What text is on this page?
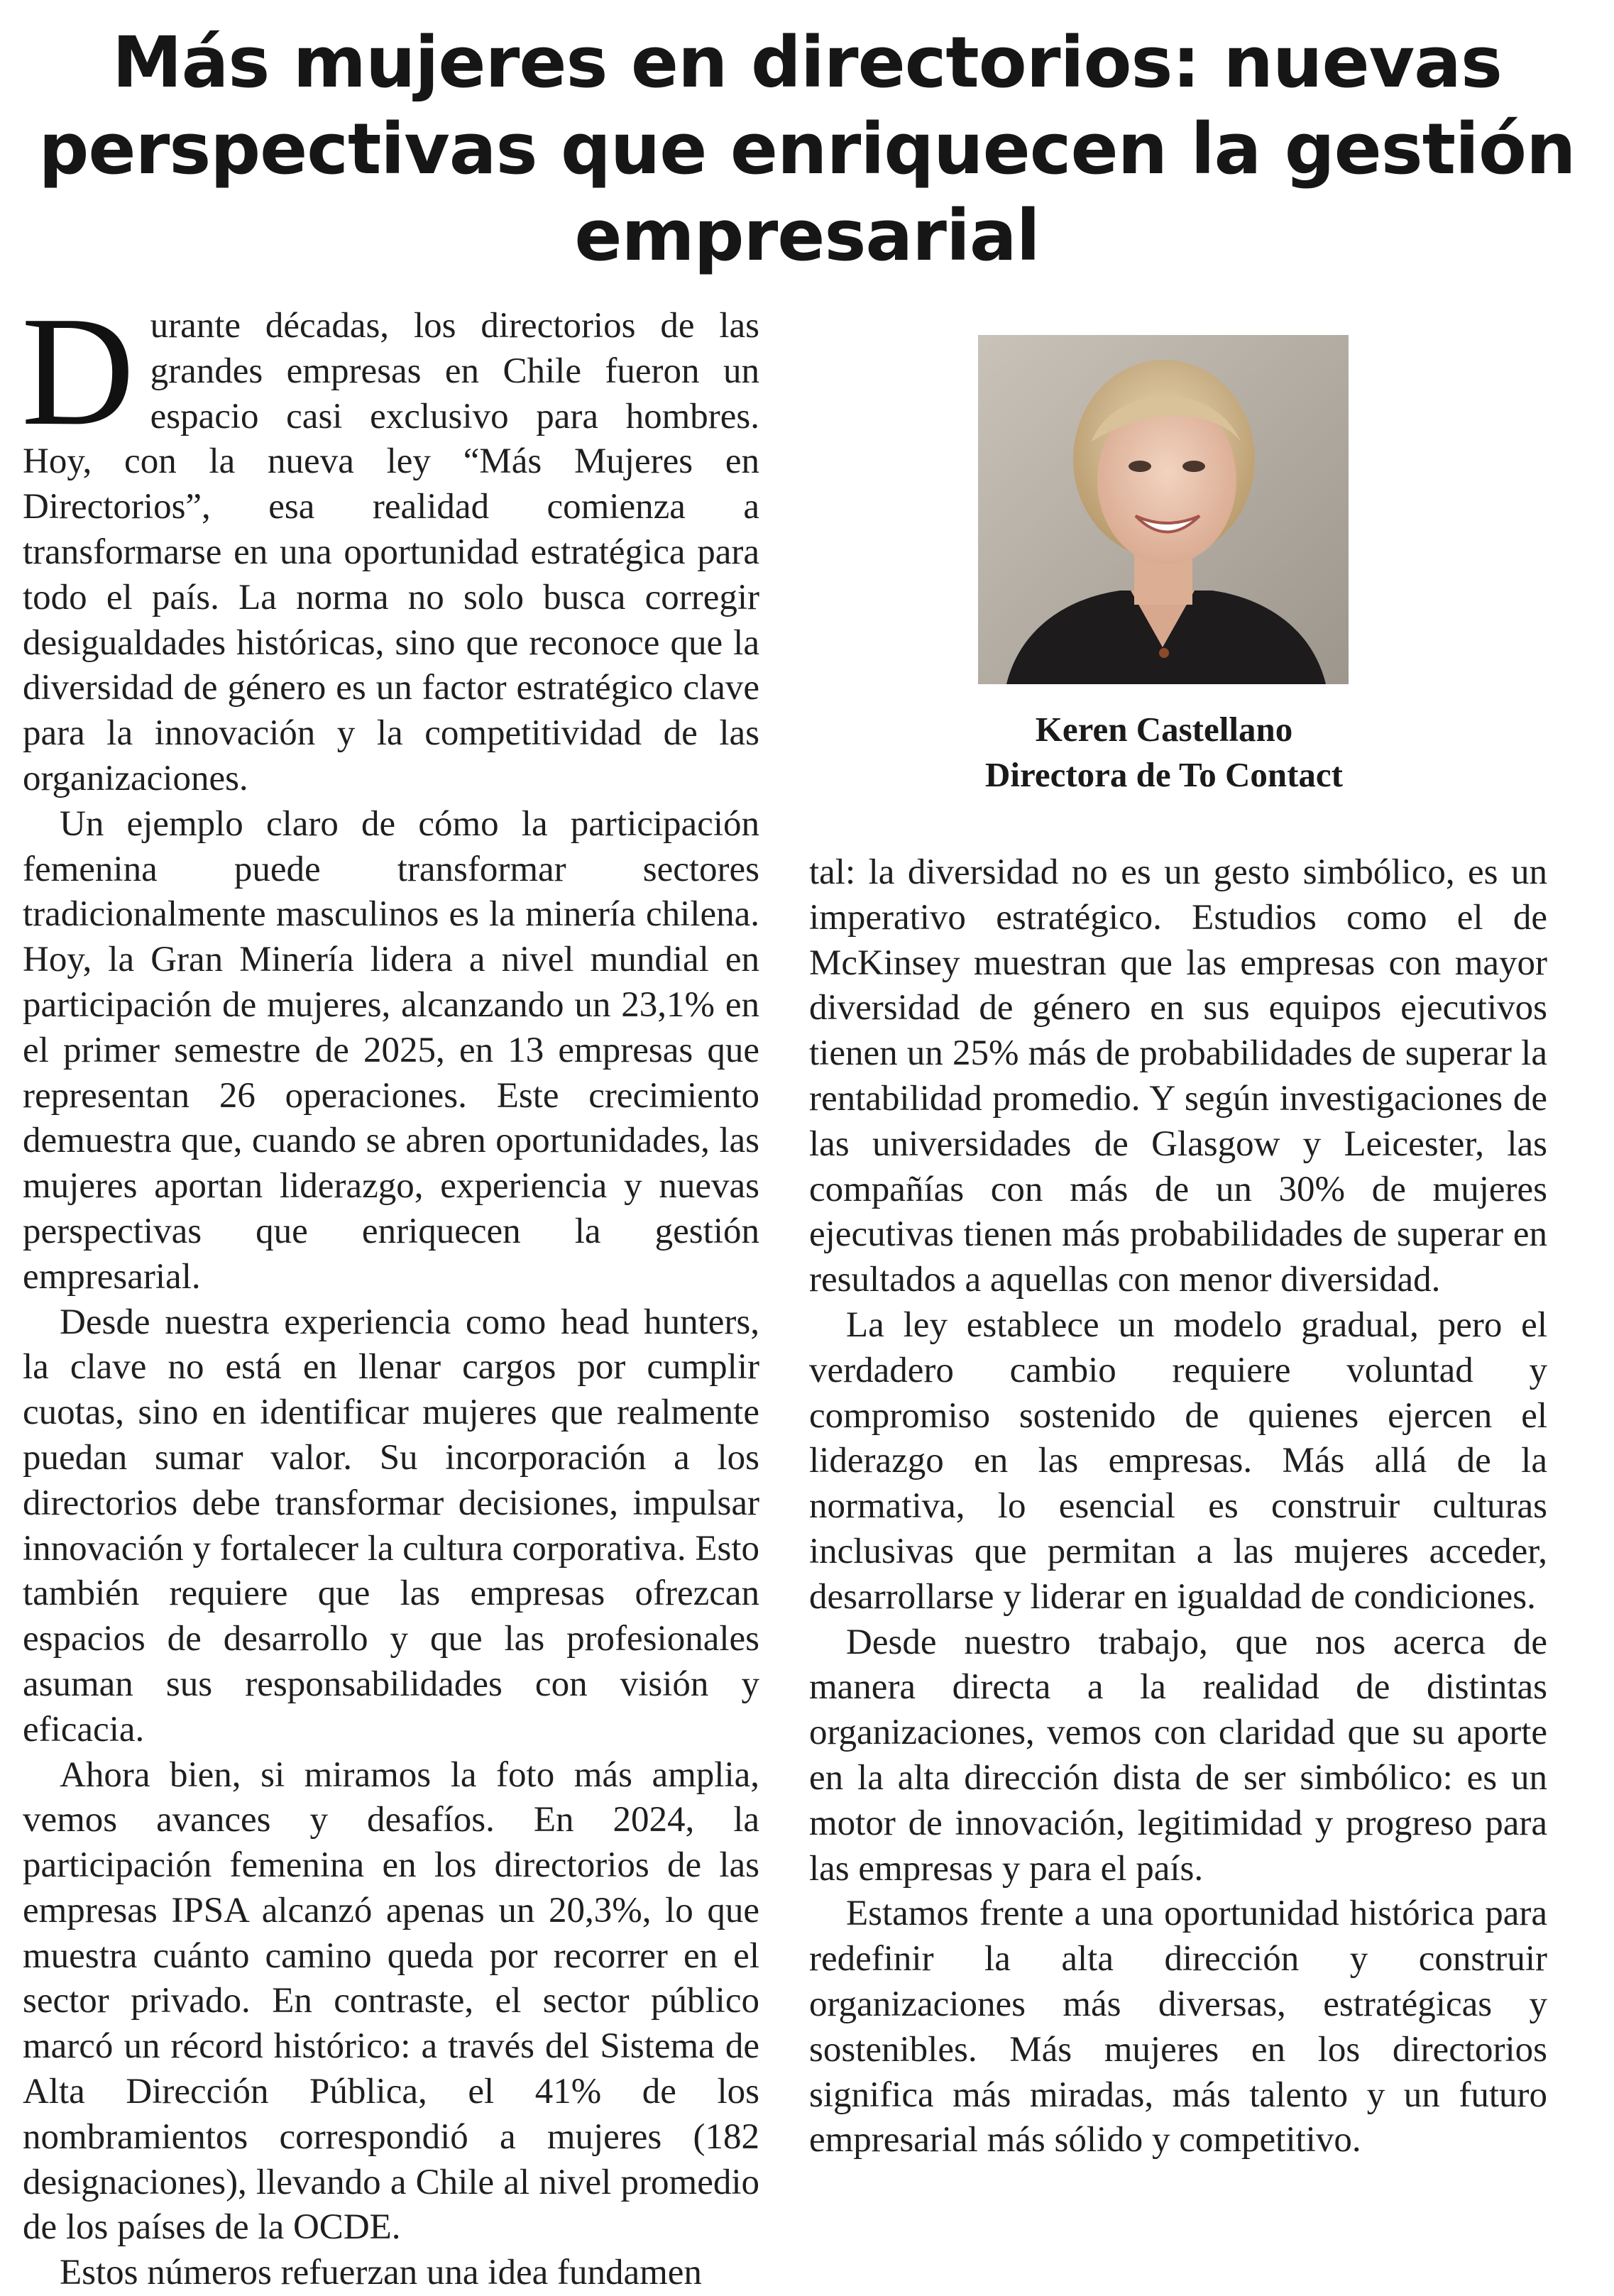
Más mujeres en directorios: nuevas perspectivas que enriquecen la gestión empresarial

Durante décadas, los directorios de las grandes empresas en Chile fueron un espacio casi exclusivo para hombres. Hoy, con la nueva ley “Más Mujeres en Directorios”, esa realidad comienza a transformarse en una oportunidad estratégica para todo el país. La norma no solo busca corregir desigualdades históricas, sino que reconoce que la diversidad de género es un factor estratégico clave para la innovación y la competitividad de las organizaciones.

Un ejemplo claro de cómo la participación femenina puede transformar sectores tradicionalmente masculinos es la minería chilena. Hoy, la Gran Minería lidera a nivel mundial en participación de mujeres, alcanzando un 23,1% en el primer semestre de 2025, en 13 empresas que representan 26 operaciones. Este crecimiento demuestra que, cuando se abren oportunidades, las mujeres aportan liderazgo, experiencia y nuevas perspectivas que enriquecen la gestión empresarial.

Desde nuestra experiencia como head hunters, la clave no está en llenar cargos por cumplir cuotas, sino en identificar mujeres que realmente puedan sumar valor. Su incorporación a los directorios debe transformar decisiones, impulsar innovación y fortalecer la cultura corporativa. Esto también requiere que las empresas ofrezcan espacios de desarrollo y que las profesionales asuman sus responsabilidades con visión y eficacia.

Ahora bien, si miramos la foto más amplia, vemos avances y desafíos. En 2024, la participación femenina en los directorios de las empresas IPSA alcanzó apenas un 20,3%, lo que muestra cuánto camino queda por recorrer en el sector privado. En contraste, el sector público marcó un récord histórico: a través del Sistema de Alta Dirección Pública, el 41% de los nombramientos correspondió a mujeres (182 designaciones), llevando a Chile al nivel promedio de los países de la OCDE.

Estos números refuerzan una idea fundamen

Keren Castellano
Directora de To Contact

tal: la diversidad no es un gesto simbólico, es un imperativo estratégico. Estudios como el de McKinsey muestran que las empresas con mayor diversidad de género en sus equipos ejecutivos tienen un 25% más de probabilidades de superar la rentabilidad promedio. Y según investigaciones de las universidades de Glasgow y Leicester, las compañías con más de un 30% de mujeres ejecutivas tienen más probabilidades de superar en resultados a aquellas con menor diversidad.

La ley establece un modelo gradual, pero el verdadero cambio requiere voluntad y compromiso sostenido de quienes ejercen el liderazgo en las empresas. Más allá de la normativa, lo esencial es construir culturas inclusivas que permitan a las mujeres acceder, desarrollarse y liderar en igualdad de condiciones.

Desde nuestro trabajo, que nos acerca de manera directa a la realidad de distintas organizaciones, vemos con claridad que su aporte en la alta dirección dista de ser simbólico: es un motor de innovación, legitimidad y progreso para las empresas y para el país.

Estamos frente a una oportunidad histórica para redefinir la alta dirección y construir organizaciones más diversas, estratégicas y sostenibles. Más mujeres en los directorios significa más miradas, más talento y un futuro empresarial más sólido y competitivo.
